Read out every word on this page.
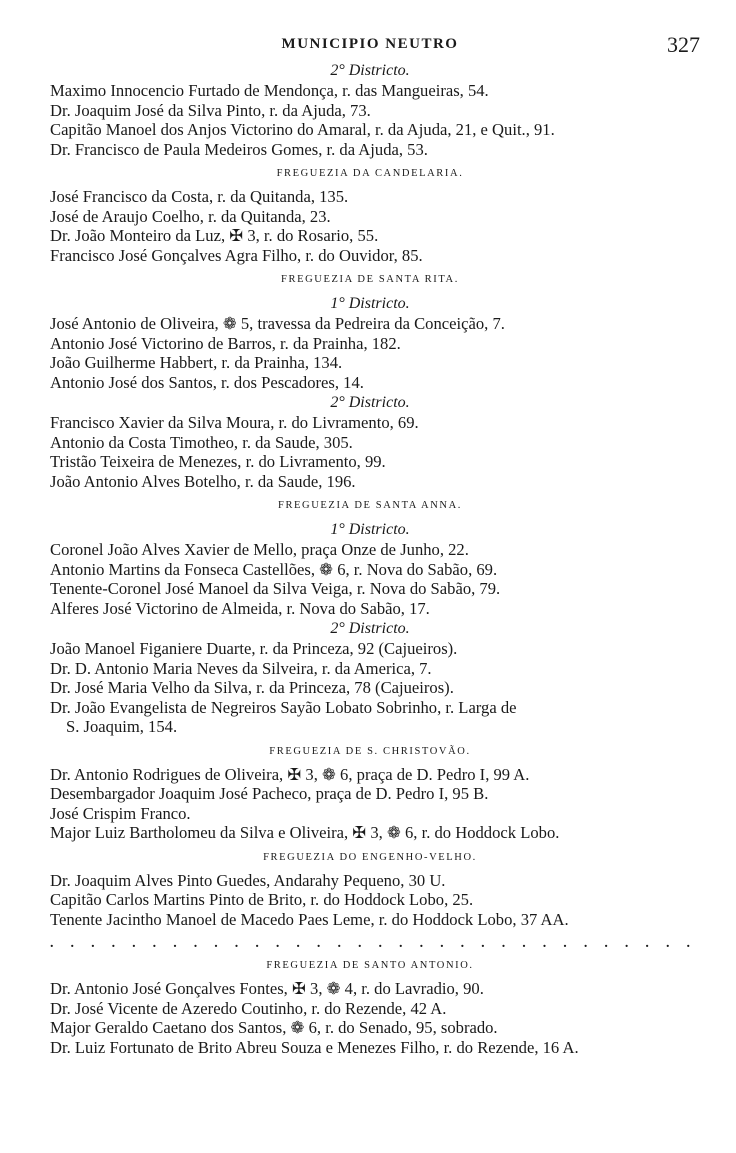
MUNICIPIO NEUTRO	327
2° Districto.
Maximo Innocencio Furtado de Mendonça, r. das Mangueiras, 54.
Dr. Joaquim José da Silva Pinto, r. da Ajuda, 73.
Capitão Manoel dos Anjos Victorino do Amaral, r. da Ajuda, 21, e Quit., 91.
Dr. Francisco de Paula Medeiros Gomes, r. da Ajuda, 53.
FREGUEZIA DA CANDELARIA.
José Francisco da Costa, r. da Quitanda, 135.
José de Araujo Coelho, r. da Quitanda, 23.
Dr. João Monteiro da Luz, ✠ 3, r. do Rosario, 55.
Francisco José Gonçalves Agra Filho, r. do Ouvidor, 85.
FREGUEZIA DE SANTA RITA.
1° Districto.
José Antonio de Oliveira, ❁ 5, travessa da Pedreira da Conceição, 7.
Antonio José Victorino de Barros, r. da Prainha, 182.
João Guilherme Habbert, r. da Prainha, 134.
Antonio José dos Santos, r. dos Pescadores, 14.
2° Districto.
Francisco Xavier da Silva Moura, r. do Livramento, 69.
Antonio da Costa Timotheo, r. da Saude, 305.
Tristão Teixeira de Menezes, r. do Livramento, 99.
João Antonio Alves Botelho, r. da Saude, 196.
FREGUEZIA DE SANTA ANNA.
1° Districto.
Coronel João Alves Xavier de Mello, praça Onze de Junho, 22.
Antonio Martins da Fonseca Castellões, ❁ 6, r. Nova do Sabão, 69.
Tenente-Coronel José Manoel da Silva Veiga, r. Nova do Sabão, 79.
Alferes José Victorino de Almeida, r. Nova do Sabão, 17.
2° Districto.
João Manoel Figaniere Duarte, r. da Princeza, 92 (Cajueiros).
Dr. D. Antonio Maria Neves da Silveira, r. da America, 7.
Dr. José Maria Velho da Silva, r. da Princeza, 78 (Cajueiros).
Dr. João Evangelista de Negreiros Sayão Lobato Sobrinho, r. Larga de
S. Joaquim, 154.
FREGUEZIA DE S. CHRISTOVÃO.
Dr. Antonio Rodrigues de Oliveira, ✠ 3, ❁ 6, praça de D. Pedro I, 99 A.
Desembargador Joaquim José Pacheco, praça de D. Pedro I, 95 B.
José Crispim Franco.
Major Luiz Bartholomeu da Silva e Oliveira, ✠ 3, ❁ 6, r. do Hoddock Lobo.
FREGUEZIA DO ENGENHO-VELHO.
Dr. Joaquim Alves Pinto Guedes, Andarahy Pequeno, 30 U.
Capitão Carlos Martins Pinto de Brito, r. do Hoddock Lobo, 25.
Tenente Jacintho Manoel de Macedo Paes Leme, r. do Hoddock Lobo, 37 AA.
. . . . . . . . . . . . . . . . . . . . . . . . . . . . . . . .
FREGUEZIA DE SANTO ANTONIO.
Dr. Antonio José Gonçalves Fontes, ✠ 3, ❁ 4, r. do Lavradio, 90.
Dr. José Vicente de Azeredo Coutinho, r. do Rezende, 42 A.
Major Geraldo Caetano dos Santos, ❁ 6, r. do Senado, 95, sobrado.
Dr. Luiz Fortunato de Brito Abreu Souza e Menezes Filho, r. do Rezende, 16 A.
